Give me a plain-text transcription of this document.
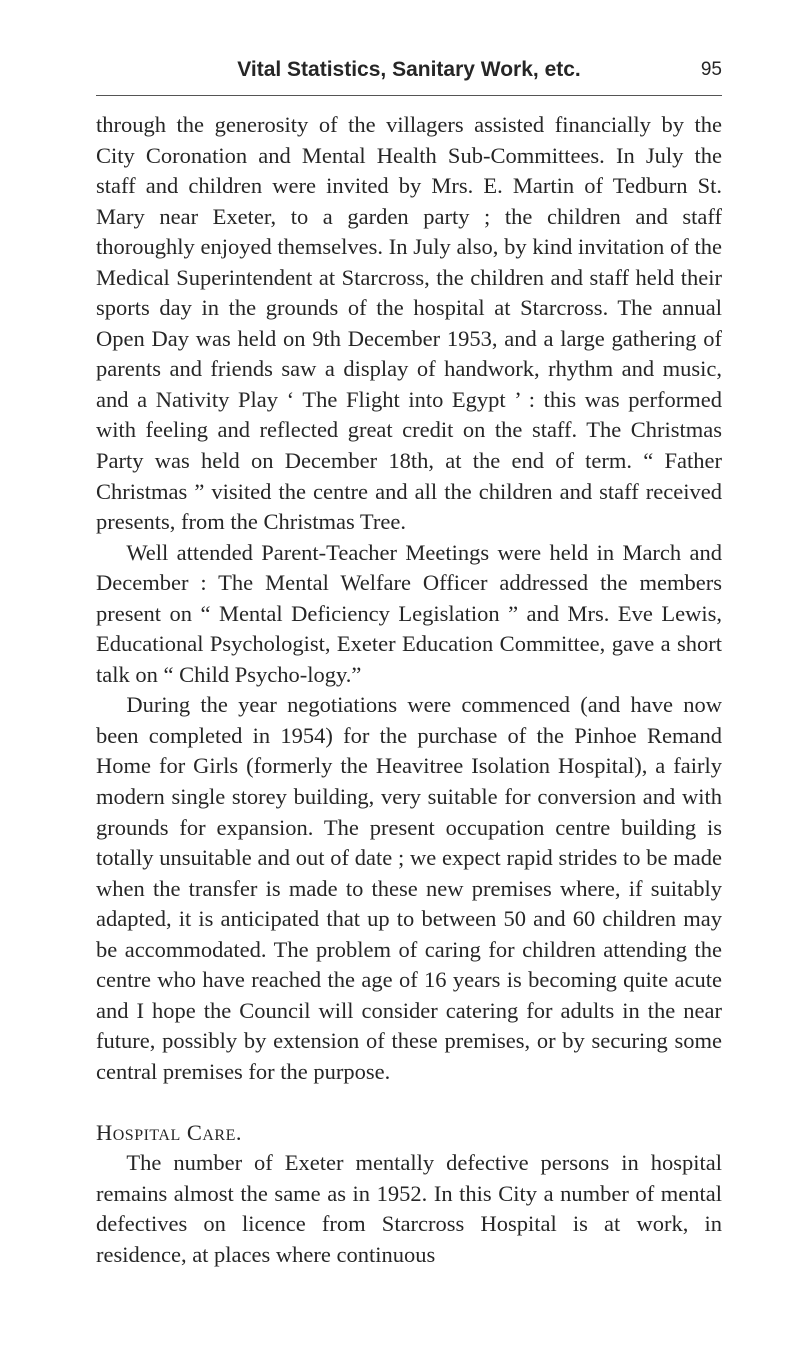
Vital Statistics, Sanitary Work, etc.	95

through the generosity of the villagers assisted financially by the City Coronation and Mental Health Sub-Committees. In July the staff and children were invited by Mrs. E. Martin of Tedburn St. Mary near Exeter, to a garden party ; the children and staff thoroughly enjoyed themselves. In July also, by kind invitation of the Medical Superintendent at Starcross, the children and staff held their sports day in the grounds of the hospital at Starcross. The annual Open Day was held on 9th December 1953, and a large gathering of parents and friends saw a display of handwork, rhythm and music, and a Nativity Play ‘ The Flight into Egypt ’ : this was performed with feeling and reflected great credit on the staff. The Christmas Party was held on December 18th, at the end of term. “ Father Christmas ” visited the centre and all the children and staff received presents, from the Christmas Tree.

Well attended Parent-Teacher Meetings were held in March and December : The Mental Welfare Officer addressed the members present on “ Mental Deficiency Legislation ” and Mrs. Eve Lewis, Educational Psychologist, Exeter Education Committee, gave a short talk on “ Child Psycho-logy.”

During the year negotiations were commenced (and have now been completed in 1954) for the purchase of the Pinhoe Remand Home for Girls (formerly the Heavitree Isolation Hospital), a fairly modern single storey building, very suitable for conversion and with grounds for expansion. The present occupation centre building is totally unsuitable and out of date ; we expect rapid strides to be made when the transfer is made to these new premises where, if suitably adapted, it is anticipated that up to between 50 and 60 children may be accommodated. The problem of caring for children attending the centre who have reached the age of 16 years is becoming quite acute and I hope the Council will consider catering for adults in the near future, possibly by extension of these premises, or by securing some central premises for the purpose.

Hospital Care.

The number of Exeter mentally defective persons in hospital remains almost the same as in 1952. In this City a number of mental defectives on licence from Starcross Hospital is at work, in residence, at places where continuous
